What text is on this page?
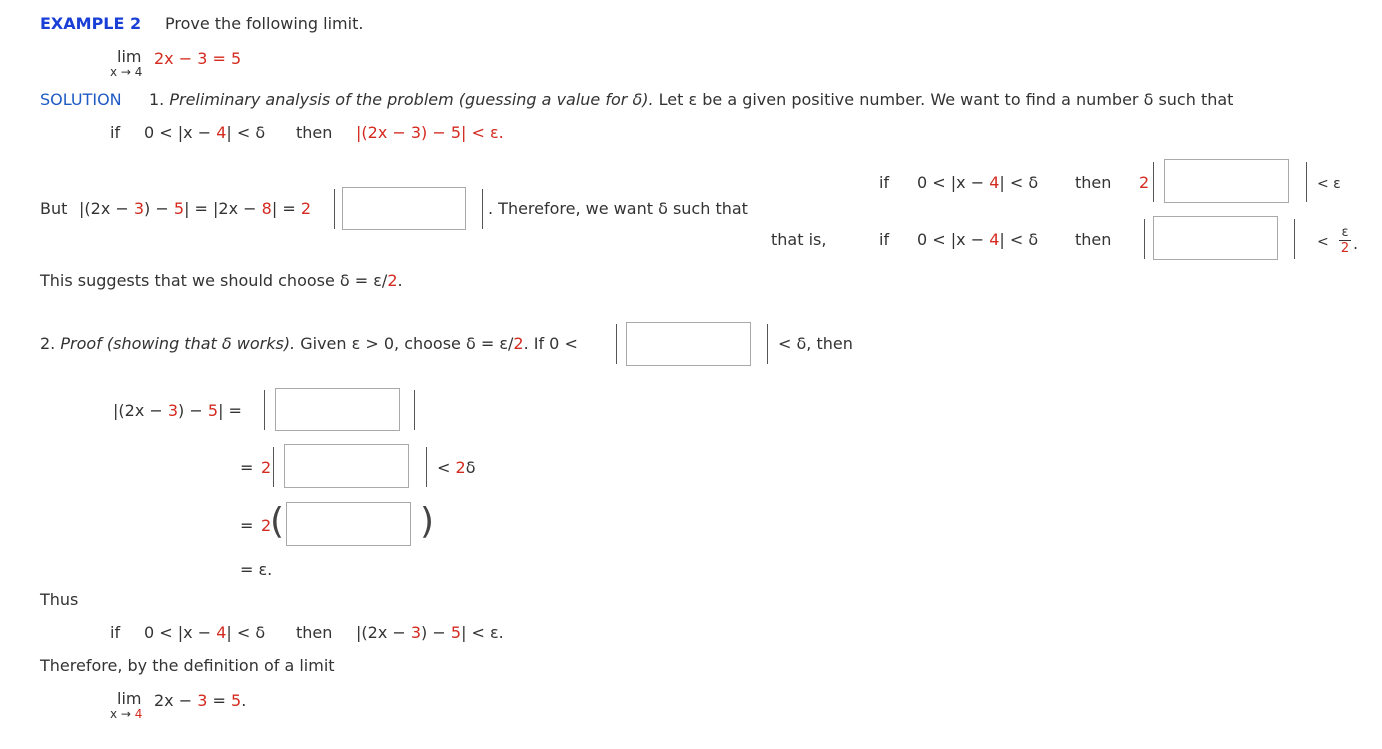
EXAMPLE 2 Prove the following limit.
lim
x → 4
2x − 3 = 5
SOLUTION 1. Preliminary analysis of the problem (guessing a value for δ). Let ε be a given positive number. We want to find a number δ such that
if 0 < |x − 4| < δ then |(2x − 3) − 5| < ε.
But |(2x − 3) − 5| = |2x − 8| = 2	. Therefore, we want δ such that
if 0 < |x − 4| < δ then 2	< ε
that is,	if 0 < |x − 4| < δ then	<
ε
2 .
This suggests that we should choose δ = ε/2.
2. Proof (showing that δ works). Given ε > 0, choose δ = ε/2. If 0 <	< δ, then
|(2x − 3) − 5| =
= 2	< 2δ
= 2
(	)
= ε.
Thus
if 0 < |x − 4| < δ then |(2x − 3) − 5| < ε.
Therefore, by the definition of a limit
lim
x → 4
2x − 3 = 5.
